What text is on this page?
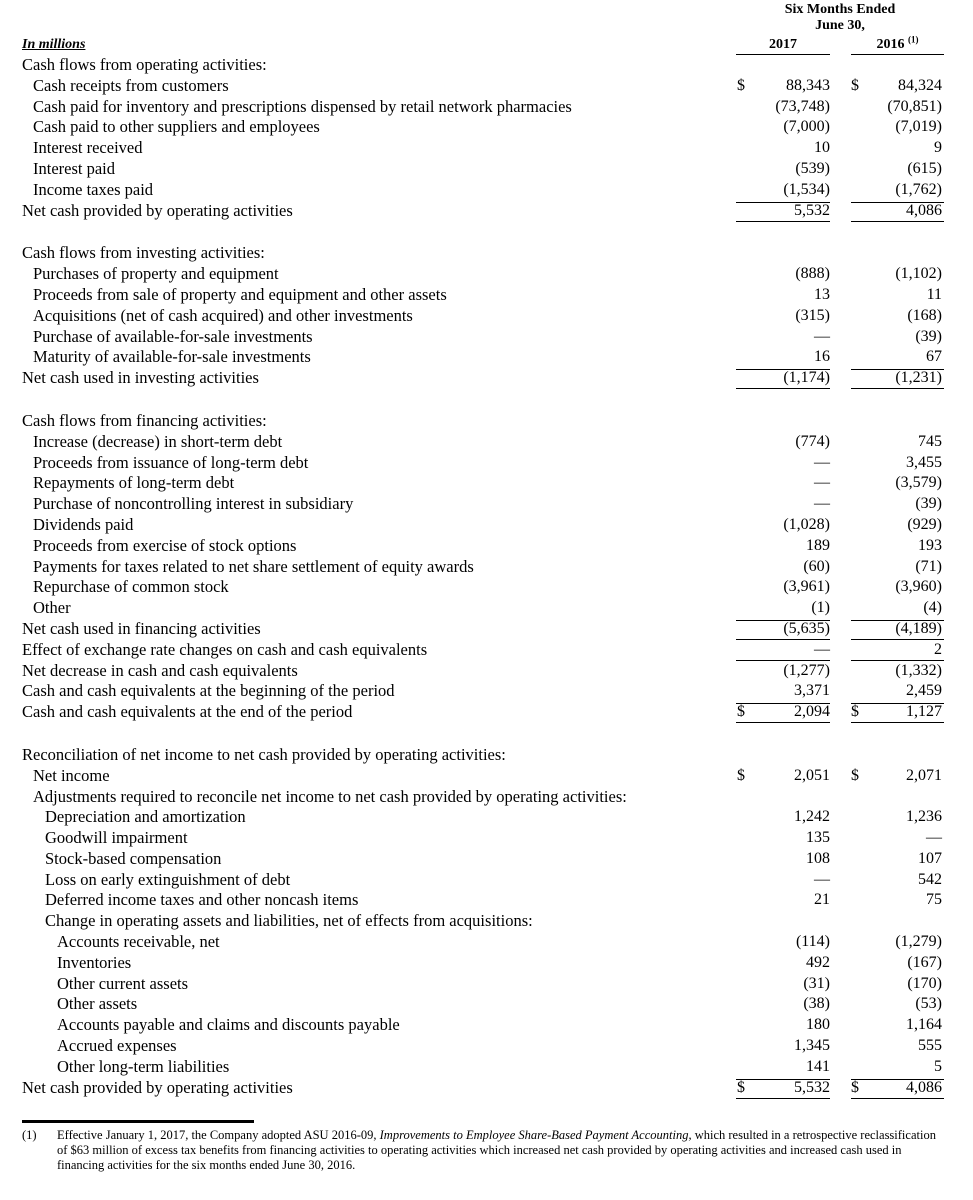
Six Months Ended
June 30,
In millions	2017	2016 $^{(1)}$
Cash flows from operating activities:
Cash receipts from customers	$	88,343 $	84,324
Cash paid for inventory and prescriptions dispensed by retail network pharmacies	(73,748)	(70,851)
Cash paid to other suppliers and employees	(7,000)	(7,019)
Interest received	10	9
Interest paid	(539)	(615)
Income taxes paid	(1,534)	(1,762)
Net cash provided by operating activities	5,532	4,086
Cash flows from investing activities:
Purchases of property and equipment	(888)	(1,102)
Proceeds from sale of property and equipment and other assets	13	11
Acquisitions (net of cash acquired) and other investments	(315)	(168)
Purchase of available-for-sale investments	—	(39)
Maturity of available-for-sale investments	16	67
Net cash used in investing activities	(1,174)	(1,231)
Cash flows from financing activities:
Increase (decrease) in short-term debt	(774)	745
Proceeds from issuance of long-term debt	—	3,455
Repayments of long-term debt	—	(3,579)
Purchase of noncontrolling interest in subsidiary	—	(39)
Dividends paid	(1,028)	(929)
Proceeds from exercise of stock options	189	193
Payments for taxes related to net share settlement of equity awards	(60)	(71)
Repurchase of common stock	(3,961)	(3,960)
Other	(1)	(4)
Net cash used in financing activities	(5,635)	(4,189)
Effect of exchange rate changes on cash and cash equivalents	—	2
Net decrease in cash and cash equivalents	(1,277)	(1,332)
Cash and cash equivalents at the beginning of the period	3,371	2,459
Cash and cash equivalents at the end of the period	$	2,094 $	1,127
Reconciliation of net income to net cash provided by operating activities:
Net income	$	2,051 $	2,071
Adjustments required to reconcile net income to net cash provided by operating activities:
Depreciation and amortization	1,242	1,236
Goodwill impairment	135	—
Stock-based compensation	108	107
Loss on early extinguishment of debt	—	542
Deferred income taxes and other noncash items	21	75
Change in operating assets and liabilities, net of effects from acquisitions:
Accounts receivable, net	(114)	(1,279)
Inventories	492	(167)
Other current assets	(31)	(170)
Other assets	(38)	(53)
Accounts payable and claims and discounts payable	180	1,164
Accrued expenses	1,345	555
Other long-term liabilities	141	5
Net cash provided by operating activities	$	5,532 $	4,086
(1) Effective January 1, 2017, the Company adopted ASU 2016-09, Improvements to Employee Share-Based Payment Accounting, which resulted in a retrospective reclassification of $63 million of excess tax benefits from financing activities to operating activities which increased net cash provided by operating activities and increased cash used in financing activities for the six months ended June 30, 2016.
